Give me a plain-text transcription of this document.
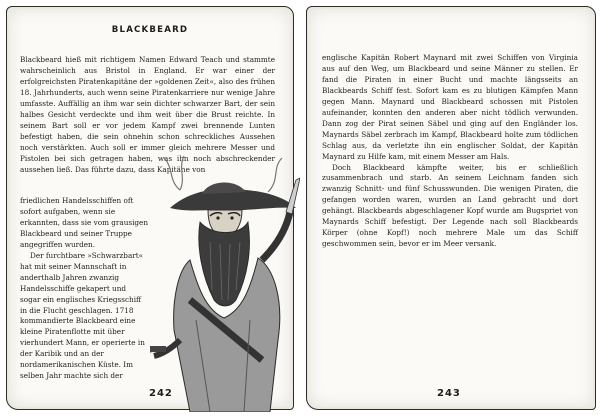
BLACKBEARD

Blackbeard hieß mit richtigem Namen Edward Teach und stammte wahrscheinlich aus Bristol in England. Er war einer der erfolgreichsten Piratenkapitäne der »goldenen Zeit«, also des frühen 18. Jahrhunderts, auch wenn seine Piratenkarriere nur wenige Jahre umfasste. Auffällig an ihm war sein dichter schwarzer Bart, der sein halbes Gesicht verdeckte und ihm weit über die Brust reichte. In seinem Bart soll er vor jedem Kampf zwei brennende Lunten befestigt haben, die sein ohnehin schon schreckliches Aussehen noch verstärkten. Auch soll er immer gleich mehrere Messer und Pistolen bei sich getragen haben, was ihn noch abschreckender aussehen ließ. Das führte dazu, dass Kapitäne von

friedlichen Handelsschiffen oft sofort aufgaben, wenn sie erkannten, dass sie vom grausigen Blackbeard und seiner Truppe angegriffen wurden.

Der furchtbare »Schwarzbart« hat mit seiner Mannschaft in anderthalb Jahren zwanzig Handelsschiffe gekapert und sogar ein englisches Kriegsschiff in die Flucht geschlagen. 1718 kommandierte Blackbeard eine kleine Piratenflotte mit über vierhundert Mann, er operierte in der Karibik und an der nordamerikanischen Küste. Im selben Jahr machte sich der

242

englische Kapitän Robert Maynard mit zwei Schiffen von Virginia aus auf den Weg, um Blackbeard und seine Männer zu stellen. Er fand die Piraten in einer Bucht und machte längsseits an Blackbeards Schiff fest. Sofort kam es zu blutigen Kämpfen Mann gegen Mann. Maynard und Blackbeard schossen mit Pistolen aufeinander, konnten den anderen aber nicht tödlich verwunden. Dann zog der Pirat seinen Säbel und ging auf den Engländer los. Maynards Säbel zerbrach im Kampf, Blackbeard holte zum tödlichen Schlag aus, da verletzte ihn ein englischer Soldat, der Kapitän Maynard zu Hilfe kam, mit einem Messer am Hals.

Doch Blackbeard kämpfte weiter, bis er schließlich zusammenbrach und starb. An seinem Leichnam fanden sich zwanzig Schnitt- und fünf Schusswunden. Die wenigen Piraten, die gefangen worden waren, wurden an Land gebracht und dort gehängt. Blackbeards abgeschlagener Kopf wurde am Bugspriet von Maynards Schiff befestigt. Der Legende nach soll Blackbeards Körper (ohne Kopf!) noch mehrere Male um das Schiff geschwommen sein, bevor er im Meer versank.

243
